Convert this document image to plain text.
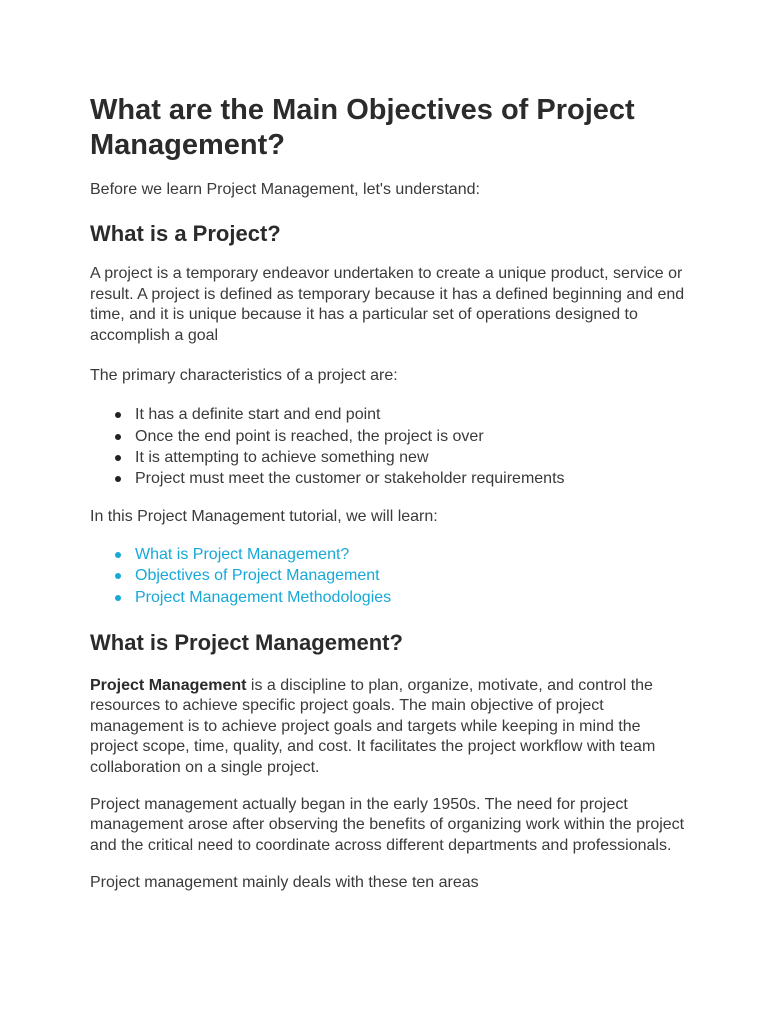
What are the Main Objectives of Project Management?

Before we learn Project Management, let's understand:

What is a Project?

A project is a temporary endeavor undertaken to create a unique product, service or result. A project is defined as temporary because it has a defined beginning and end time, and it is unique because it has a particular set of operations designed to accomplish a goal

The primary characteristics of a project are:

It has a definite start and end point
Once the end point is reached, the project is over
It is attempting to achieve something new
Project must meet the customer or stakeholder requirements

In this Project Management tutorial, we will learn:

What is Project Management?
Objectives of Project Management
Project Management Methodologies
What is Project Management?

Project Management is a discipline to plan, organize, motivate, and control the resources to achieve specific project goals. The main objective of project management is to achieve project goals and targets while keeping in mind the project scope, time, quality, and cost. It facilitates the project workflow with team collaboration on a single project.

Project management actually began in the early 1950s. The need for project management arose after observing the benefits of organizing work within the project and the critical need to coordinate across different departments and professionals.

Project management mainly deals with these ten areas
